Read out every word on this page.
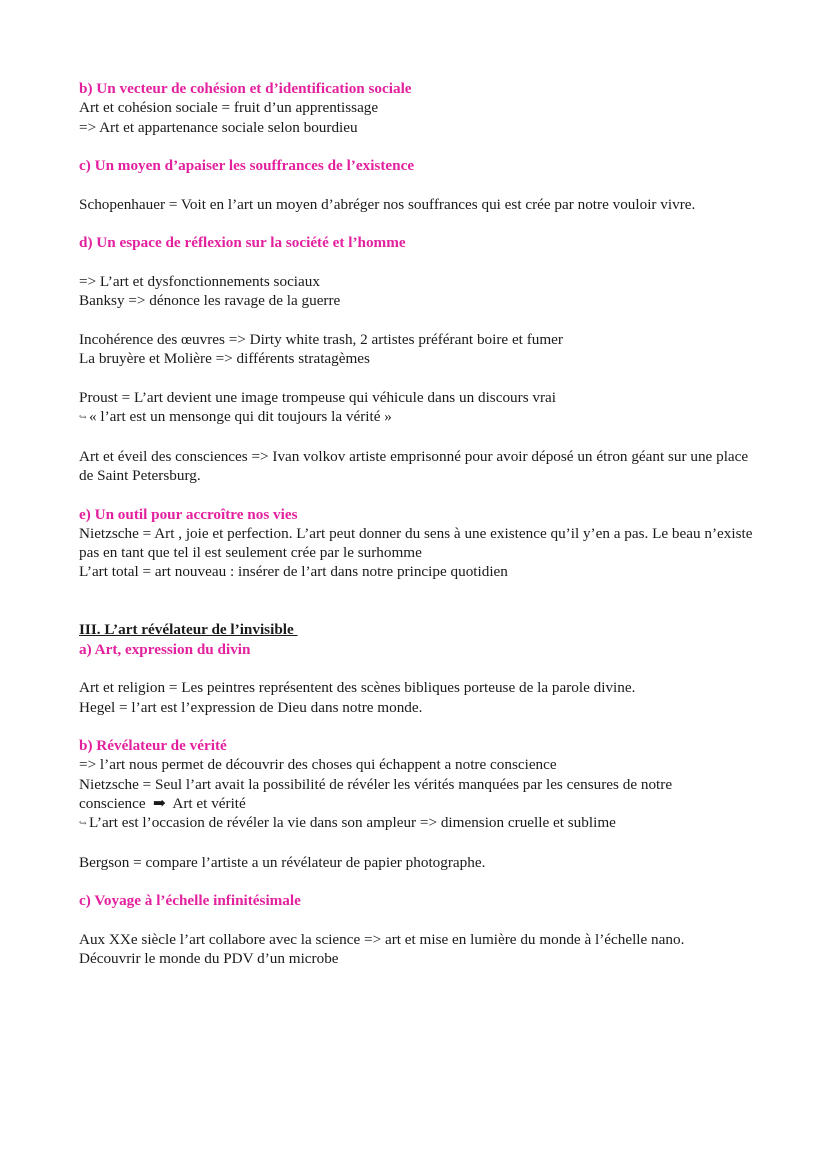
b) Un vecteur de cohésion et d’identification sociale
Art et cohésion sociale = fruit d’un apprentissage
=> Art et appartenance sociale selon bourdieu
c) Un moyen d’apaiser les souffrances de l’existence
Schopenhauer = Voit en l’art un moyen d’abréger nos souffrances qui est crée par notre vouloir vivre.
d) Un espace de réflexion sur la société et l’homme
=> L’art et dysfonctionnements sociaux
Banksy => dénonce les ravage de la guerre
Incohérence des œuvres => Dirty white trash, 2 artistes préférant boire et fumer
La bruyère et Molière => différents stratagèmes
Proust = L’art devient une image trompeuse qui véhicule dans un discours vrai
↪ « l’art est un mensonge qui dit toujours la vérité »
Art et éveil des consciences => Ivan volkov artiste emprisonné pour avoir déposé un étron géant sur une place de Saint Petersburg.
e) Un outil pour accroître nos vies
Nietzsche = Art , joie et perfection. L’art peut donner du sens à une existence qu’il y’en a pas. Le beau n’existe pas en tant que tel il est seulement crée par le surhomme
L’art total = art nouveau : insérer de l’art dans notre principe quotidien
III. L’art révélateur de l’invisible
a) Art, expression du divin
Art et religion = Les peintres représentent des scènes bibliques porteuse de la parole divine.
Hegel = l’art est l’expression de Dieu dans notre monde.
b) Révélateur de vérité
=> l’art nous permet de découvrir des choses qui échappent a notre conscience
Nietzsche = Seul l’art avait la possibilité de révéler les vérités manquées par les censures de notre
conscience ➡ Art et vérité
↪ L’art est l’occasion de révéler la vie dans son ampleur => dimension cruelle et sublime
Bergson = compare l’artiste a un révélateur de papier photographe.
c) Voyage à l’échelle infinitésimale
Aux XXe siècle l’art collabore avec la science => art et mise en lumière du monde à l’échelle nano.
Découvrir le monde du PDV d’un microbe
